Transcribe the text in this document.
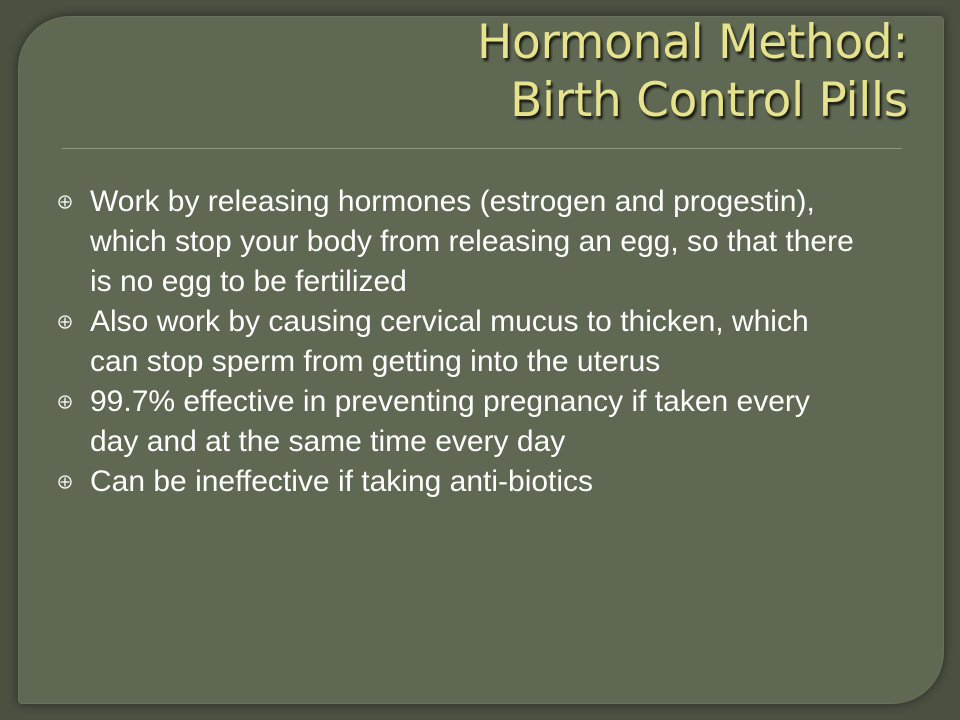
Hormonal Method:
Birth Control Pills
Work by releasing hormones (estrogen and progestin), which stop your body from releasing an egg, so that there is no egg to be fertilized
Also work by causing cervical mucus to thicken, which can stop sperm from getting into the uterus
99.7% effective in preventing pregnancy if taken every day and at the same time every day
Can be ineffective if taking anti-biotics
